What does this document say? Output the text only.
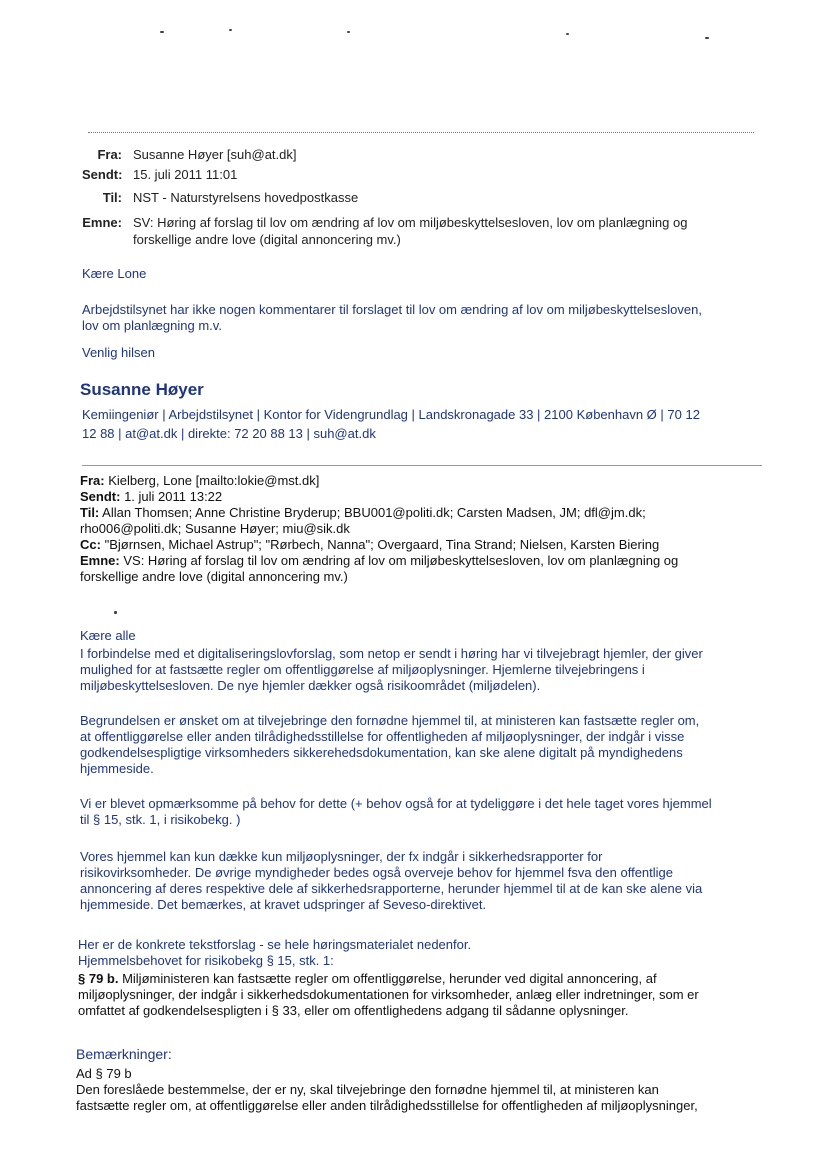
Fra: Susanne Høyer [suh@at.dk]
Sendt: 15. juli 2011 11:01
Til: NST - Naturstyrelsens hovedpostkasse
Emne: SV: Høring af forslag til lov om ændring af lov om miljøbeskyttelsesloven, lov om planlægning og
forskellige andre love (digital annoncering mv.)
Kære Lone
Arbejdstilsynet har ikke nogen kommentarer til forslaget til lov om ændring af lov om miljøbeskyttelsesloven,
lov om planlægning m.v.
Venlig hilsen
Susanne Høyer
Kemiingeniør | Arbejdstilsynet | Kontor for Videngrundlag | Landskronagade 33 | 2100 København Ø | 70 12
12 88 | at@at.dk | direkte: 72 20 88 13 | suh@at.dk
Fra: Kielberg, Lone [mailto:lokie@mst.dk]
Sendt: 1. juli 2011 13:22
Til: Allan Thomsen; Anne Christine Bryderup; BBU001@politi.dk; Carsten Madsen, JM; dfl@jm.dk;
rho006@politi.dk; Susanne Høyer; miu@sik.dk
Cc: "Bjørnsen, Michael Astrup"; "Rørbech, Nanna"; Overgaard, Tina Strand; Nielsen, Karsten Biering
Emne: VS: Høring af forslag til lov om ændring af lov om miljøbeskyttelsesloven, lov om planlægning og
forskellige andre love (digital annoncering mv.)
Kære alle
I forbindelse med et digitaliseringslovforslag, som netop er sendt i høring har vi tilvejebragt hjemler, der giver
mulighed for at fastsætte regler om offentliggørelse af miljøoplysninger. Hjemlerne tilvejebringens i
miljøbeskyttelsesloven. De nye hjemler dækker også risikoområdet (miljødelen).
Begrundelsen er ønsket om at tilvejebringe den fornødne hjemmel til, at ministeren kan fastsætte regler om,
at offentliggørelse eller anden tilrådighedsstillelse for offentligheden af miljøoplysninger, der indgår i visse
godkendelsespligtige virksomheders sikkerehedsdokumentation, kan ske alene digitalt på myndighedens
hjemmeside.
Vi er blevet opmærksomme på behov for dette (+ behov også for at tydeliggøre i det hele taget vores hjemmel
til § 15, stk. 1, i risikobekg. )
Vores hjemmel kan kun dække kun miljøoplysninger, der fx indgår i sikkerhedsrapporter for
risikovirksomheder. De øvrige myndigheder bedes også overveje behov for hjemmel fsva den offentlige
annoncering af deres respektive dele af sikkerhedsrapporterne, herunder hjemmel til at de kan ske alene via
hjemmeside. Det bemærkes, at kravet udspringer af Seveso-direktivet.
Her er de konkrete tekstforslag - se hele høringsmaterialet nedenfor.
Hjemmelsbehovet for risikobekg § 15, stk. 1:
§ 79 b. Miljøministeren kan fastsætte regler om offentliggørelse, herunder ved digital annoncering, af
miljøoplysninger, der indgår i sikkerhedsdokumentationen for virksomheder, anlæg eller indretninger, som er
omfattet af godkendelsespligten i § 33, eller om offentlighedens adgang til sådanne oplysninger.
Bemærkninger:
Ad § 79 b
Den foreslåede bestemmelse, der er ny, skal tilvejebringe den fornødne hjemmel til, at ministeren kan
fastsætte regler om, at offentliggørelse eller anden tilrådighedsstillelse for offentligheden af miljøoplysninger,
